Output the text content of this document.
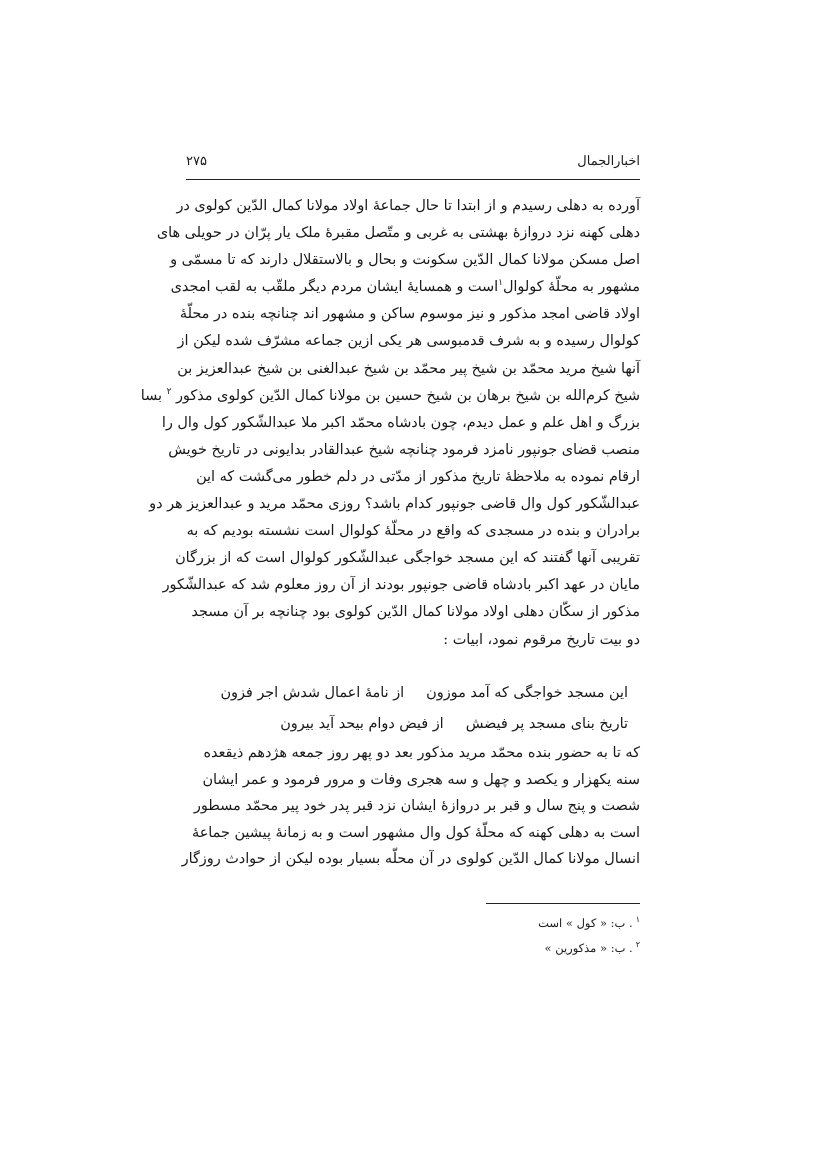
اخبارالجمال
۲۷۵
آورده به دهلی رسیدم و از ابتدا تا حال جماعهٔ اولاد مولانا کمال الدّین کولوی در
دهلی کهنه نزد دروازهٔ بهشتی به غربی و متّصل مقبرهٔ ملک یار پرّان در حویلی های
اصل مسکن مولانا کمال الدّین سکونت و بحال و بالاستقلال دارند که تا مسمّی و
مشهور به محلّهٔ کولوال$^۱$است و همسایهٔ ایشان مردم دیگر ملقّب به لقب امجدی
اولاد قاضی امجد مذکور و نیز موسوم ساکن و مشهور اند چنانچه بنده در محلّهٔ
کولوال رسیده و به شرف قدمبوسی هر یکی ازین جماعه مشرّف شده لیکن از
آنها شیخ مرید محمّد بن شیخ پیر محمّد بن شیخ عبدالغنی بن شیخ عبدالعزیز بن
شیخ کرم‌الله بن شیخ برهان بن شیخ حسین بن مولانا کمال الدّین کولوی مذکور $^۲$ بسا
بزرگ و اهل علم و عمل دیدم، چون بادشاه محمّد اکبر ملا عبدالشّکور کول وال را
منصب قضای جونپور نامزد فرمود چنانچه شیخ عبدالقادر بدایونی در تاریخ خویش
ارقام نموده به ملاحظهٔ تاریخ مذکور از مدّتی در دلم خطور می‌گشت که این
عبدالشّکور کول وال قاضی جونپور کدام باشد؟ روزی محمّد مرید و عبدالعزیز هر دو
برادران و بنده در مسجدی که واقع در محلّهٔ کولوال است نشسته بودیم که به
تقریبی آنها گفتند که این مسجد خواجگی عبدالشّکور کولوال است که از بزرگان
مایان در عهد اکبر بادشاه قاضی جونپور بودند از آن روز معلوم شد که عبدالشّکور
مذکور از سکّان دهلی اولاد مولانا کمال الدّین کولوی بود چنانچه بر آن مسجد
دو بیت تاریخ مرقوم نمود، ابیات :
این مسجد خواجگی که آمد موزون
از نامهٔ اعمال شدش اجر فزون
تاریخ بنای مسجد پر فیضش
از فیض دوام بیحد آید بیرون
که تا به حضور بنده محمّد مرید مذکور بعد دو پهر روز جمعه هژدهم ذیقعده
سنه یکهزار و یکصد و چهل و سه هجری وفات و مرور فرمود و عمر ایشان
شصت و پنج سال و قبر بر دروازهٔ ایشان نزد قبر پدر خود پیر محمّد مسطور
است به دهلی کهنه که محلّهٔ کول وال مشهور است و به زمانهٔ پیشین جماعهٔ
انسال مولانا کمال الدّین کولوی در آن محلّه بسیار بوده لیکن از حوادث روزگار
$^۱$. ب: « کول » است
$^۲$. ب: « مذکورین »
